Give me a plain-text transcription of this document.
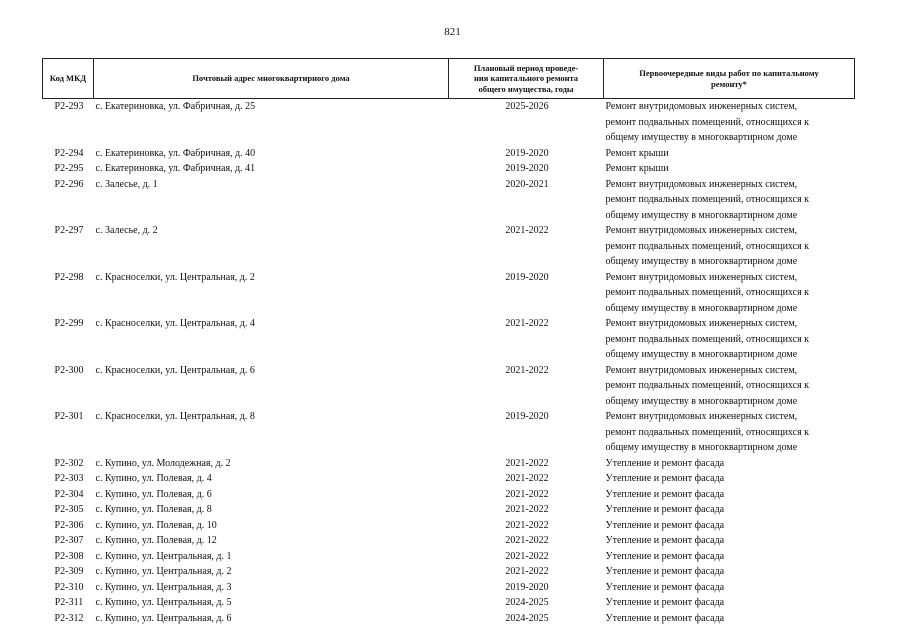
821
Код МКД	Почтовый адрес многоквартирного дома	Плановый период проведе-
ния капитального ремонта
общего имущества, годы	Первоочередные виды работ по капитальному
ремонту*

Р2-293	с. Екатериновка, ул. Фабричная, д. 25	2025-2026	Ремонт внутридомовых инженерных систем,
ремонт подвальных помещений, относящихся к
общему имуществу в многоквартирном доме

Р2-294	с. Екатериновка, ул. Фабричная, д. 40	2019-2020	Ремонт крыши

Р2-295	с. Екатериновка, ул. Фабричная, д. 41	2019-2020	Ремонт крыши

Р2-296	с. Залесье, д. 1	2020-2021	Ремонт внутридомовых инженерных систем,
ремонт подвальных помещений, относящихся к
общему имуществу в многоквартирном доме

Р2-297	с. Залесье, д. 2	2021-2022	Ремонт внутридомовых инженерных систем,
ремонт подвальных помещений, относящихся к
общему имуществу в многоквартирном доме

Р2-298	с. Красноселки, ул. Центральная, д. 2	2019-2020	Ремонт внутридомовых инженерных систем,
ремонт подвальных помещений, относящихся к
общему имуществу в многоквартирном доме

Р2-299	с. Красноселки, ул. Центральная, д. 4	2021-2022	Ремонт внутридомовых инженерных систем,
ремонт подвальных помещений, относящихся к
общему имуществу в многоквартирном доме

Р2-300	с. Красноселки, ул. Центральная, д. 6	2021-2022	Ремонт внутридомовых инженерных систем,
ремонт подвальных помещений, относящихся к
общему имуществу в многоквартирном доме

Р2-301	с. Красноселки, ул. Центральная, д. 8	2019-2020	Ремонт внутридомовых инженерных систем,
ремонт подвальных помещений, относящихся к
общему имуществу в многоквартирном доме

Р2-302	с. Купино, ул. Молодежная, д. 2	2021-2022	Утепление и ремонт фасада

Р2-303	с. Купино, ул. Полевая, д. 4	2021-2022	Утепление и ремонт фасада

Р2-304	с. Купино, ул. Полевая, д. 6	2021-2022	Утепление и ремонт фасада

Р2-305	с. Купино, ул. Полевая, д. 8	2021-2022	Утепление и ремонт фасада

Р2-306	с. Купино, ул. Полевая, д. 10	2021-2022	Утепление и ремонт фасада

Р2-307	с. Купино, ул. Полевая, д. 12	2021-2022	Утепление и ремонт фасада

Р2-308	с. Купино, ул. Центральная, д. 1	2021-2022	Утепление и ремонт фасада

Р2-309	с. Купино, ул. Центральная, д. 2	2021-2022	Утепление и ремонт фасада

Р2-310	с. Купино, ул. Центральная, д. 3	2019-2020	Утепление и ремонт фасада

Р2-311	с. Купино, ул. Центральная, д. 5	2024-2025	Утепление и ремонт фасада

Р2-312	с. Купино, ул. Центральная, д. 6	2024-2025	Утепление и ремонт фасада
